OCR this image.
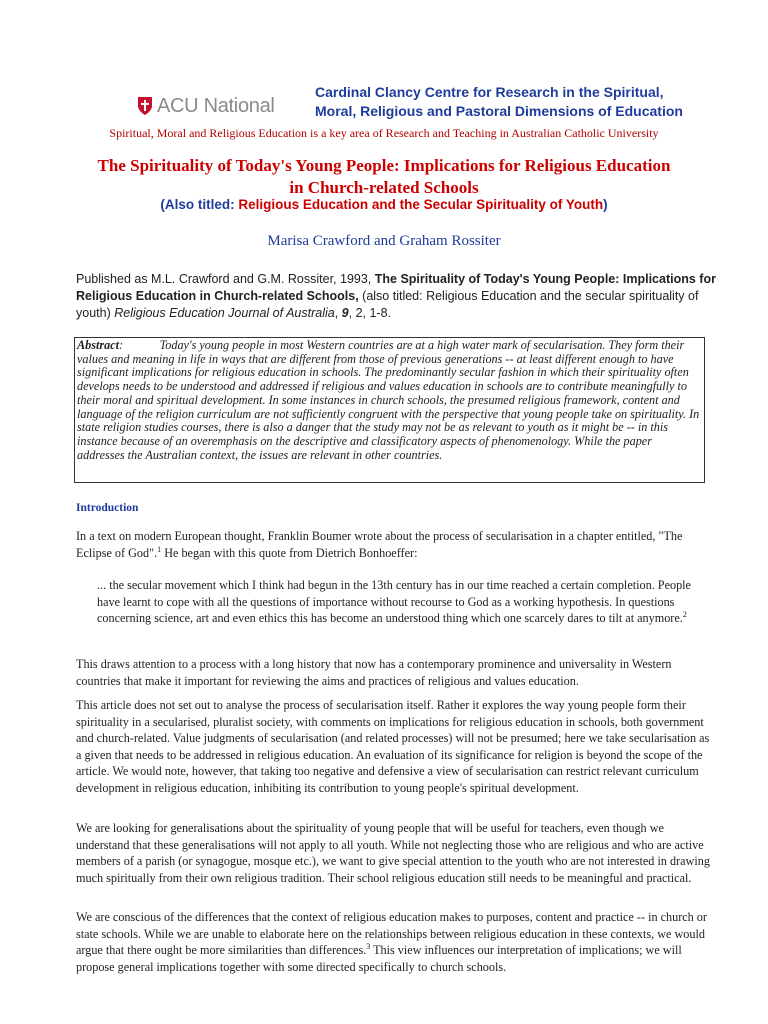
ACU National
Cardinal Clancy Centre for Research in the Spiritual,
Moral, Religious and Pastoral Dimensions of Education
Spiritual, Moral and Religious Education is a key area of Research and Teaching in Australian Catholic University
The Spirituality of Today's Young People: Implications for Religious Education
in Church-related Schools
(Also titled: Religious Education and the Secular Spirituality of Youth)
Marisa Crawford and Graham Rossiter
Published as M.L. Crawford and G.M. Rossiter, 1993, The Spirituality of Today's Young People: Implications for Religious Education in Church-related Schools, (also titled: Religious Education and the secular spirituality of youth) Religious Education Journal of Australia, 9, 2, 1-8.
Abstract:	Today's young people in most Western countries are at a high water mark of secularisation. They form their values and meaning in life in ways that are different from those of previous generations -- at least different enough to have significant implications for religious education in schools. The predominantly secular fashion in which their spirituality often develops needs to be understood and addressed if religious and values education in schools are to contribute meaningfully to their moral and spiritual development. In some instances in church schools, the presumed religious framework, content and language of the religion curriculum are not sufficiently congruent with the perspective that young people take on spirituality. In state religion studies courses, there is also a danger that the study may not be as relevant to youth as it might be -- in this instance because of an overemphasis on the descriptive and classificatory aspects of phenomenology. While the paper addresses the Australian context, the issues are relevant in other countries.
Introduction
In a text on modern European thought, Franklin Boumer wrote about the process of secularisation in a chapter entitled, "The Eclipse of God".$^1$ He began with this quote from Dietrich Bonhoeffer:
... the secular movement which I think had begun in the 13th century has in our time reached a certain completion. People have learnt to cope with all the questions of importance without recourse to God as a working hypothesis. In questions concerning science, art and even ethics this has become an understood thing which one scarcely dares to tilt at anymore.$^2$
This draws attention to a process with a long history that now has a contemporary prominence and universality in Western countries that make it important for reviewing the aims and practices of religious and values education.
This article does not set out to analyse the process of secularisation itself. Rather it explores the way young people form their spirituality in a secularised, pluralist society, with comments on implications for religious education in schools, both government and church-related. Value judgments of secularisation (and related processes) will not be presumed; here we take secularisation as a given that needs to be addressed in religious education. An evaluation of its significance for religion is beyond the scope of the article. We would note, however, that taking too negative and defensive a view of secularisation can restrict relevant curriculum development in religious education, inhibiting its contribution to young people's spiritual development.
We are looking for generalisations about the spirituality of young people that will be useful for teachers, even though we understand that these generalisations will not apply to all youth. While not neglecting those who are religious and who are active members of a parish (or synagogue, mosque etc.), we want to give special attention to the youth who are not interested in drawing much spiritually from their own religious tradition. Their school religious education still needs to be meaningful and practical.
We are conscious of the differences that the context of religious education makes to purposes, content and practice -- in church or state schools. While we are unable to elaborate here on the relationships between religious education in these contexts, we would argue that there ought be more similarities than differences.$^3$ This view influences our interpretation of implications; we will propose general implications together with some directed specifically to church schools.
